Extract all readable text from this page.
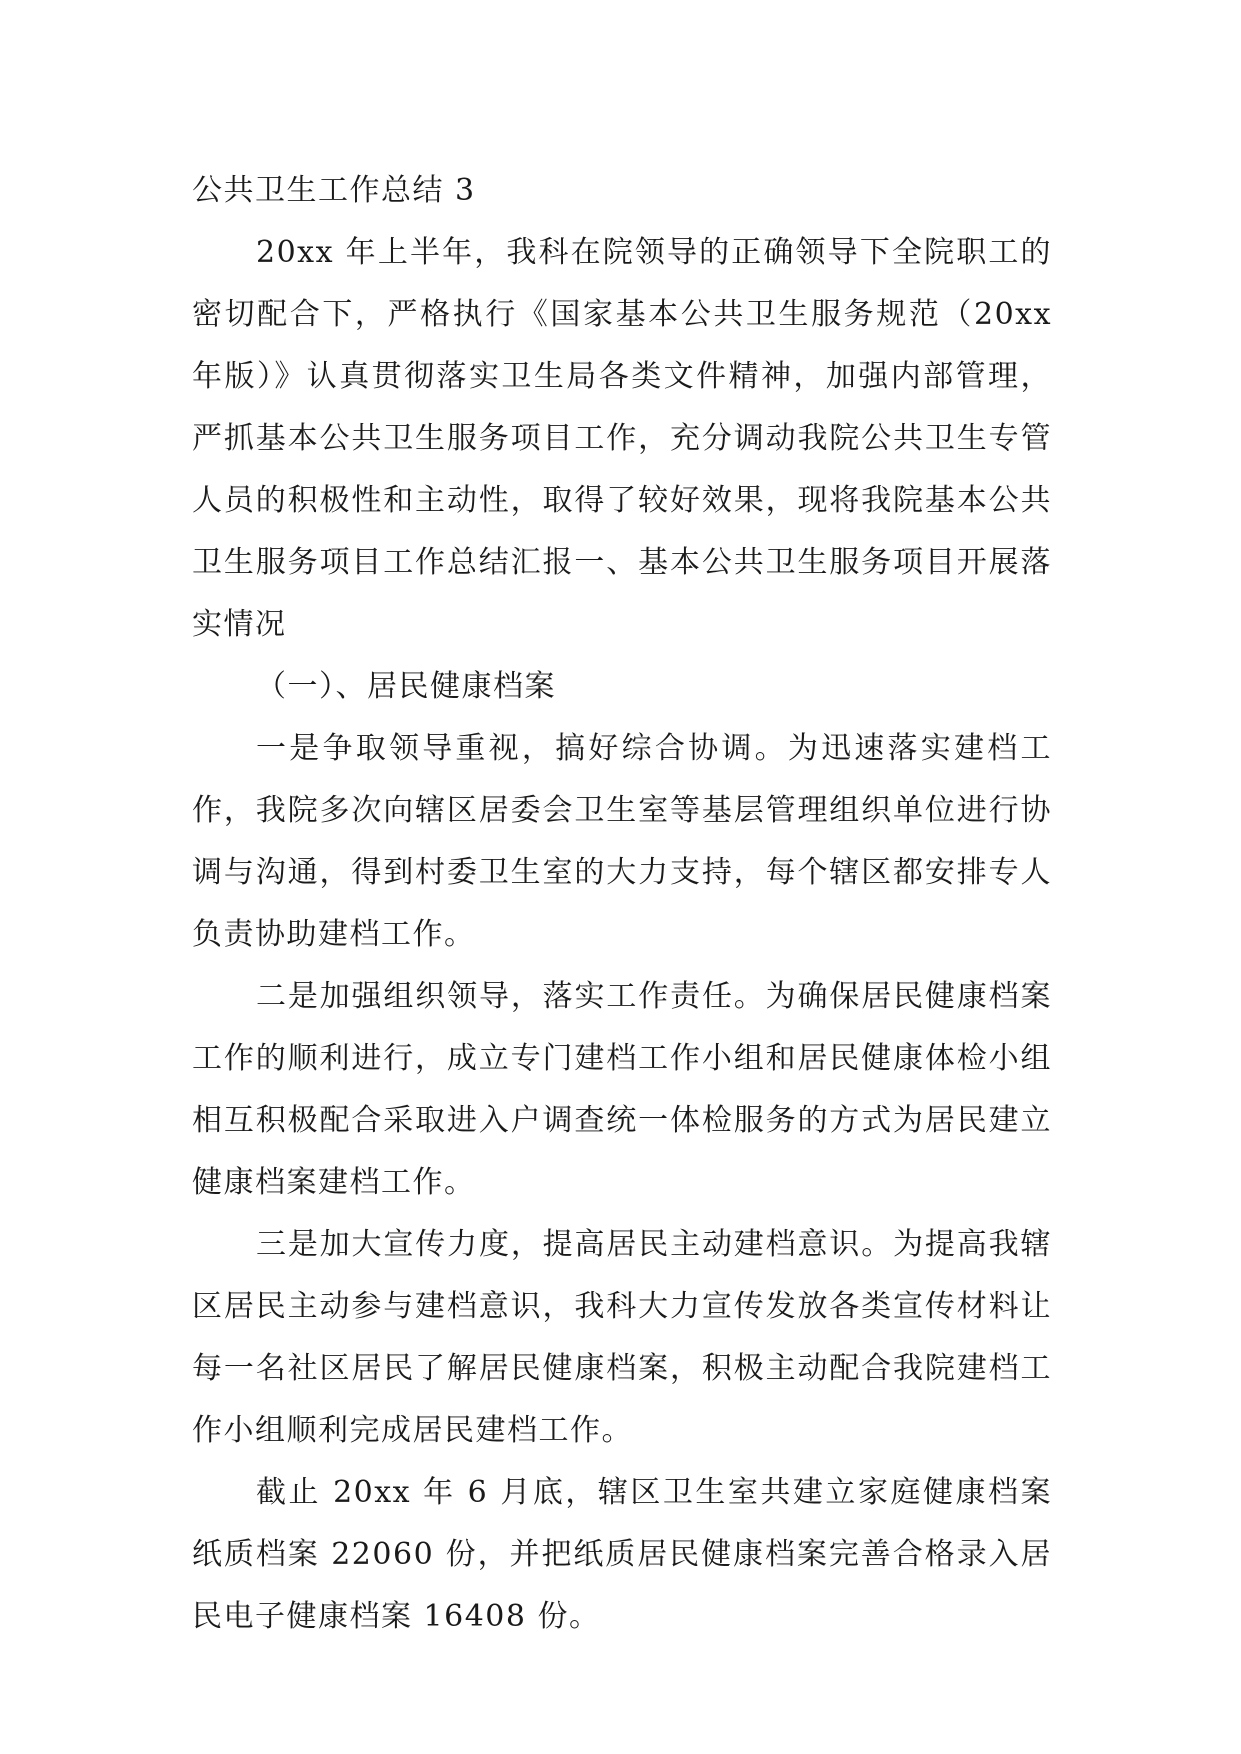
公共卫生工作总结 3

20xx 年上半年，我科在院领导的正确领导下全院职工的密切配合下，严格执行《国家基本公共卫生服务规范（20xx 年版）》认真贯彻落实卫生局各类文件精神，加强内部管理，严抓基本公共卫生服务项目工作，充分调动我院公共卫生专管人员的积极性和主动性，取得了较好效果，现将我院基本公共卫生服务项目工作总结汇报一、基本公共卫生服务项目开展落实情况

（一）、居民健康档案

一是争取领导重视，搞好综合协调。为迅速落实建档工作，我院多次向辖区居委会卫生室等基层管理组织单位进行协调与沟通，得到村委卫生室的大力支持，每个辖区都安排专人负责协助建档工作。

二是加强组织领导，落实工作责任。为确保居民健康档案工作的顺利进行，成立专门建档工作小组和居民健康体检小组相互积极配合采取进入户调查统一体检服务的方式为居民建立健康档案建档工作。

三是加大宣传力度，提高居民主动建档意识。为提高我辖区居民主动参与建档意识，我科大力宣传发放各类宣传材料让每一名社区居民了解居民健康档案，积极主动配合我院建档工作小组顺利完成居民建档工作。

截止 20xx 年 6 月底，辖区卫生室共建立家庭健康档案纸质档案 22060 份，并把纸质居民健康档案完善合格录入居民电子健康档案 16408 份。
